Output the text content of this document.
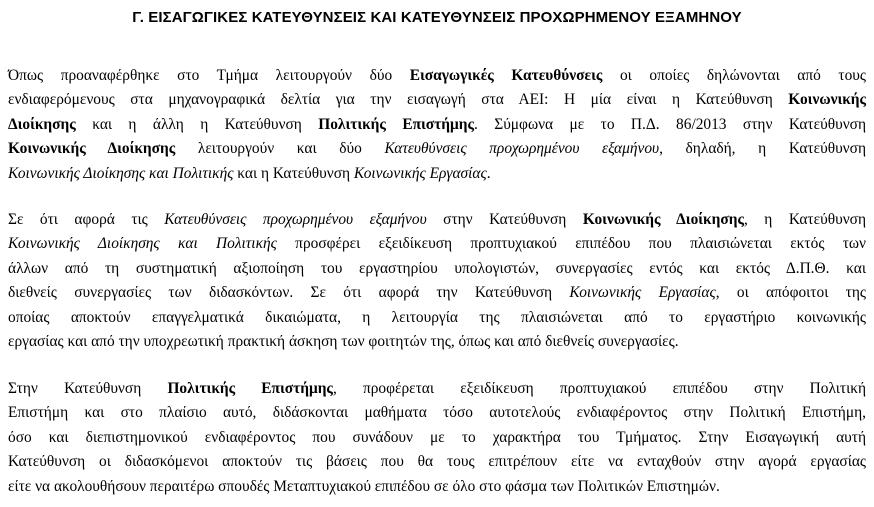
Γ. ΕΙΣΑΓΩΓΙΚΕΣ ΚΑΤΕΥΘΥΝΣΕΙΣ ΚΑΙ ΚΑΤΕΥΘΥΝΣΕΙΣ ΠΡΟΧΩΡΗΜΕΝΟΥ ΕΞΑΜΗΝΟΥ
Όπως προαναφέρθηκε στο Τμήμα λειτουργούν δύο Εισαγωγικές Κατευθύνσεις οι οποίες δηλώνονται από τους
ενδιαφερόμενους στα μηχανογραφικά δελτία για την εισαγωγή στα ΑΕΙ: Η μία είναι η Κατεύθυνση Κοινωνικής
Διοίκησης και η άλλη η Κατεύθυνση Πολιτικής Επιστήμης. Σύμφωνα με το Π.Δ. 86/2013 στην Κατεύθυνση
Κοινωνικής Διοίκησης λειτουργούν και δύο Κατευθύνσεις προχωρημένου εξαμήνου, δηλαδή, η Κατεύθυνση
Κοινωνικής Διοίκησης και Πολιτικής και η Κατεύθυνση Κοινωνικής Εργασίας.
Σε ότι αφορά τις Κατευθύνσεις προχωρημένου εξαμήνου στην Κατεύθυνση Κοινωνικής Διοίκησης, η Κατεύθυνση
Κοινωνικής Διοίκησης και Πολιτικής προσφέρει εξειδίκευση προπτυχιακού επιπέδου που πλαισιώνεται εκτός των
άλλων από τη συστηματική αξιοποίηση του εργαστηρίου υπολογιστών, συνεργασίες εντός και εκτός Δ.Π.Θ. και
διεθνείς συνεργασίες των διδασκόντων. Σε ότι αφορά την Κατεύθυνση Κοινωνικής Εργασίας, οι απόφοιτοι της
οποίας αποκτούν επαγγελματικά δικαιώματα, η λειτουργία της πλαισιώνεται από το εργαστήριο κοινωνικής
εργασίας και από την υποχρεωτική πρακτική άσκηση των φοιτητών της, όπως και από διεθνείς συνεργασίες.
Στην Κατεύθυνση Πολιτικής Επιστήμης, προφέρεται εξειδίκευση προπτυχιακού επιπέδου στην Πολιτική
Επιστήμη και στο πλαίσιο αυτό, διδάσκονται μαθήματα τόσο αυτοτελούς ενδιαφέροντος στην Πολιτική Επιστήμη,
όσο και διεπιστημονικού ενδιαφέροντος που συνάδουν με το χαρακτήρα του Τμήματος. Στην Εισαγωγική αυτή
Κατεύθυνση οι διδασκόμενοι αποκτούν τις βάσεις που θα τους επιτρέπουν είτε να ενταχθούν στην αγορά εργασίας
είτε να ακολουθήσουν περαιτέρω σπουδές Μεταπτυχιακού επιπέδου σε όλο στο φάσμα των Πολιτικών Επιστημών.
